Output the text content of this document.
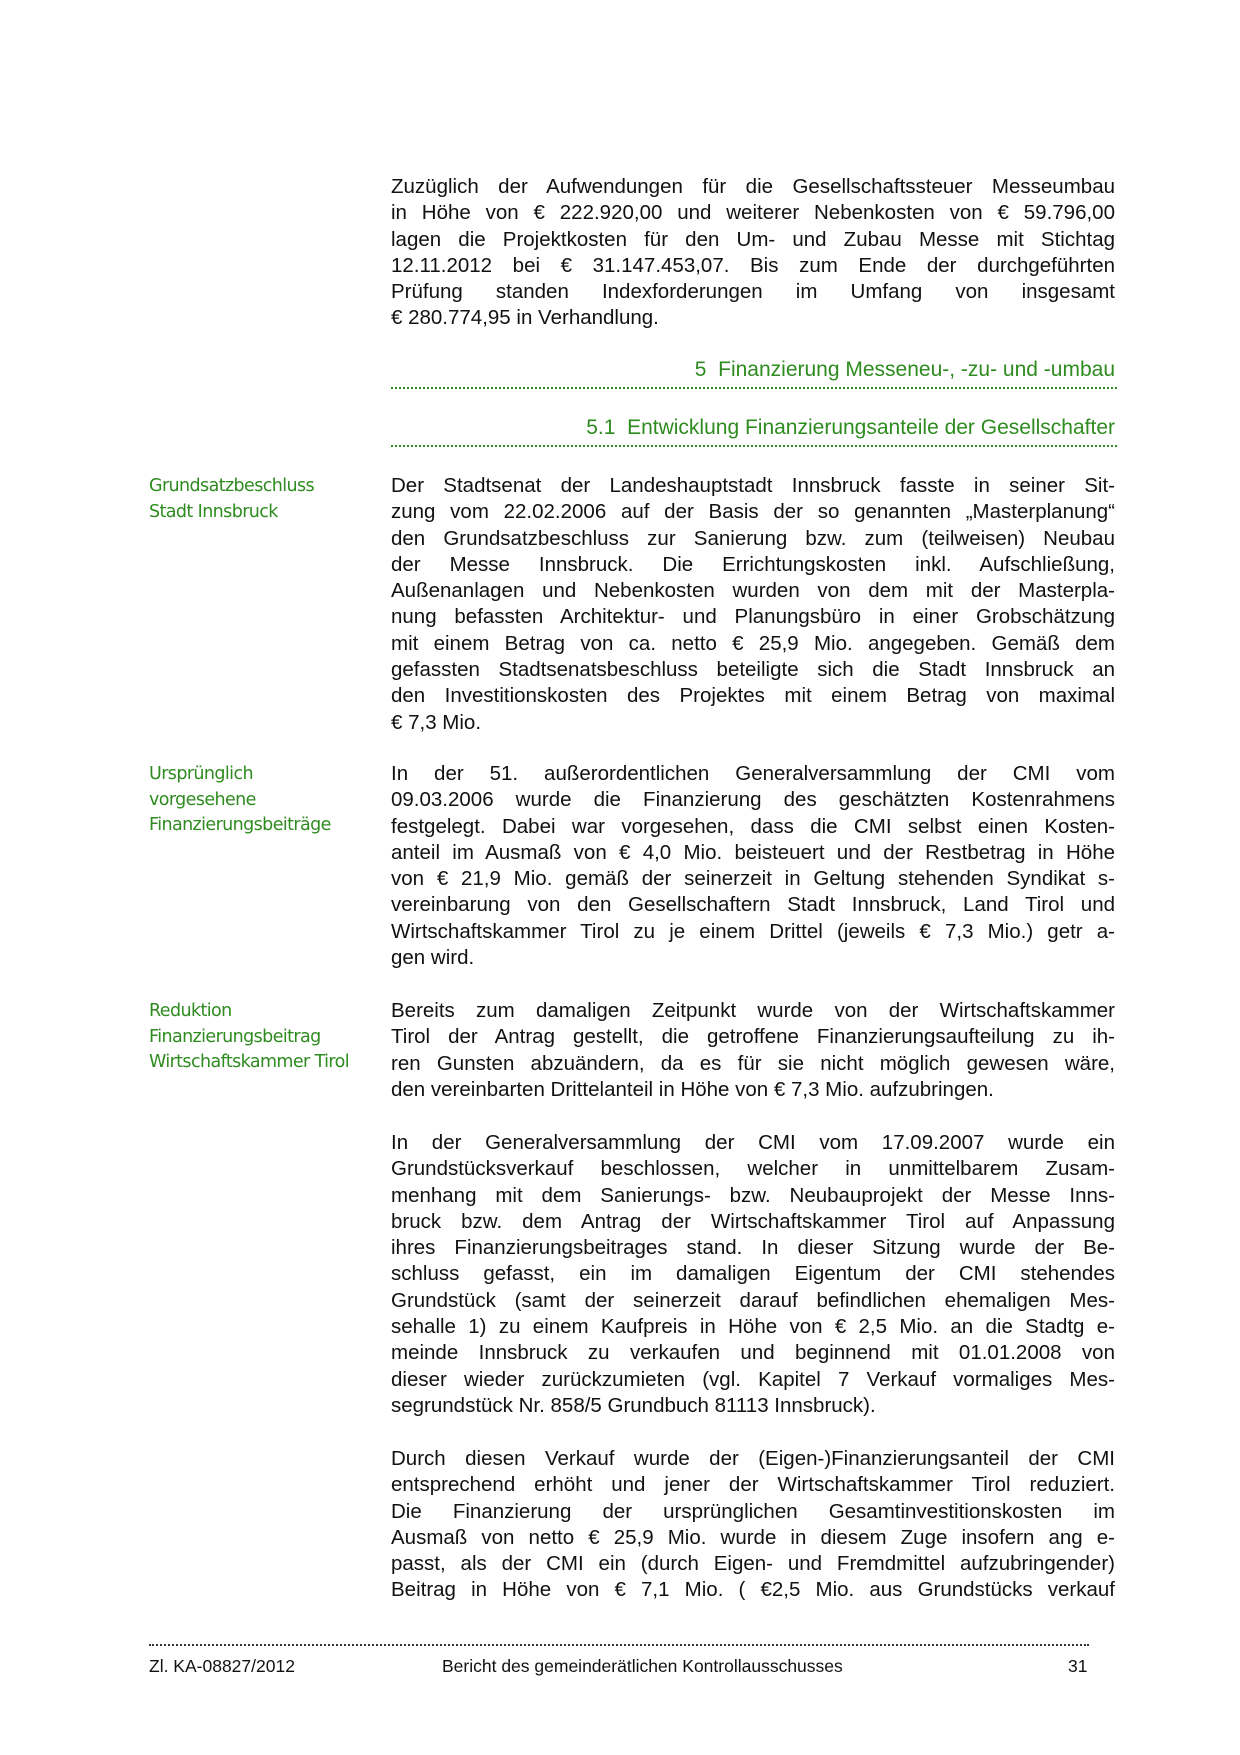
Zuzüglich der Aufwendungen für die Gesellschaftssteuer Messeumbau
in Höhe von € 222.920,00 und weiterer Nebenkosten von € 59.796,00
lagen die Projektkosten für den Um- und Zubau Messe mit Stichtag
12.11.2012 bei € 31.147.453,07. Bis zum Ende der durchgeführten
Prüfung standen Indexforderungen im Umfang von insgesamt
€ 280.774,95 in Verhandlung.
5  Finanzierung Messeneu-, -zu- und -umbau
5.1  Entwicklung Finanzierungsanteile der Gesellschafter
Der Stadtsenat der Landeshauptstadt Innsbruck fasste in seiner Sit-
zung vom 22.02.2006 auf der Basis der so genannten „Masterplanung“
den Grundsatzbeschluss zur Sanierung bzw. zum (teilweisen) Neubau
der Messe Innsbruck. Die Errichtungskosten inkl. Aufschließung,
Außenanlagen und Nebenkosten wurden von dem mit der Masterpla-
nung befassten Architektur- und Planungsbüro in einer Grobschätzung
mit einem Betrag von ca. netto € 25,9 Mio. angegeben. Gemäß dem
gefassten Stadtsenatsbeschluss beteiligte sich die Stadt Innsbruck an
den Investitionskosten des Projektes mit einem Betrag von maximal
€ 7,3 Mio.
Grundsatzbeschluss
Stadt Innsbruck
In der 51. außerordentlichen Generalversammlung der CMI vom
09.03.2006 wurde die Finanzierung des geschätzten Kostenrahmens
festgelegt. Dabei war vorgesehen, dass die CMI selbst einen Kosten-
anteil im Ausmaß von € 4,0 Mio. beisteuert und der Restbetrag in Höhe
von € 21,9 Mio. gemäß der seinerzeit in Geltung stehenden Syndikat s-
vereinbarung von den Gesellschaftern Stadt Innsbruck, Land Tirol und
Wirtschaftskammer Tirol zu je einem Drittel (jeweils € 7,3 Mio.) getr a-
gen wird.
Ursprünglich
vorgesehene
Finanzierungsbeiträge
Bereits zum damaligen Zeitpunkt wurde von der Wirtschaftskammer
Tirol der Antrag gestellt, die getroffene Finanzierungsaufteilung zu ih-
ren Gunsten abzuändern, da es für sie nicht möglich gewesen wäre,
den vereinbarten Drittelanteil in Höhe von € 7,3 Mio. aufzubringen.
Reduktion
Finanzierungsbeitrag
Wirtschaftskammer Tirol
In der Generalversammlung der CMI vom 17.09.2007 wurde ein
Grundstücksverkauf beschlossen, welcher in unmittelbarem Zusam-
menhang mit dem Sanierungs- bzw. Neubauprojekt der Messe Inns-
bruck bzw. dem Antrag der Wirtschaftskammer Tirol auf Anpassung
ihres Finanzierungsbeitrages stand. In dieser Sitzung wurde der Be-
schluss gefasst, ein im damaligen Eigentum der CMI stehendes
Grundstück (samt der seinerzeit darauf befindlichen ehemaligen Mes-
sehalle 1) zu einem Kaufpreis in Höhe von € 2,5 Mio. an die Stadtg e-
meinde Innsbruck zu verkaufen und beginnend mit 01.01.2008 von
dieser wieder zurückzumieten (vgl. Kapitel 7 Verkauf vormaliges Mes-
segrundstück Nr. 858/5 Grundbuch 81113 Innsbruck).
Durch diesen Verkauf wurde der (Eigen-)Finanzierungsanteil der CMI
entsprechend erhöht und jener der Wirtschaftskammer Tirol reduziert.
Die Finanzierung der ursprünglichen Gesamtinvestitionskosten im
Ausmaß von netto € 25,9 Mio. wurde in diesem Zuge insofern ang e-
passt, als der CMI ein (durch Eigen- und Fremdmittel aufzubringender)
Beitrag in Höhe von € 7,1 Mio. ( €2,5 Mio. aus Grundstücks verkauf
Zl. KA-08827/2012	Bericht des gemeinderätlichen Kontrollausschusses	31
